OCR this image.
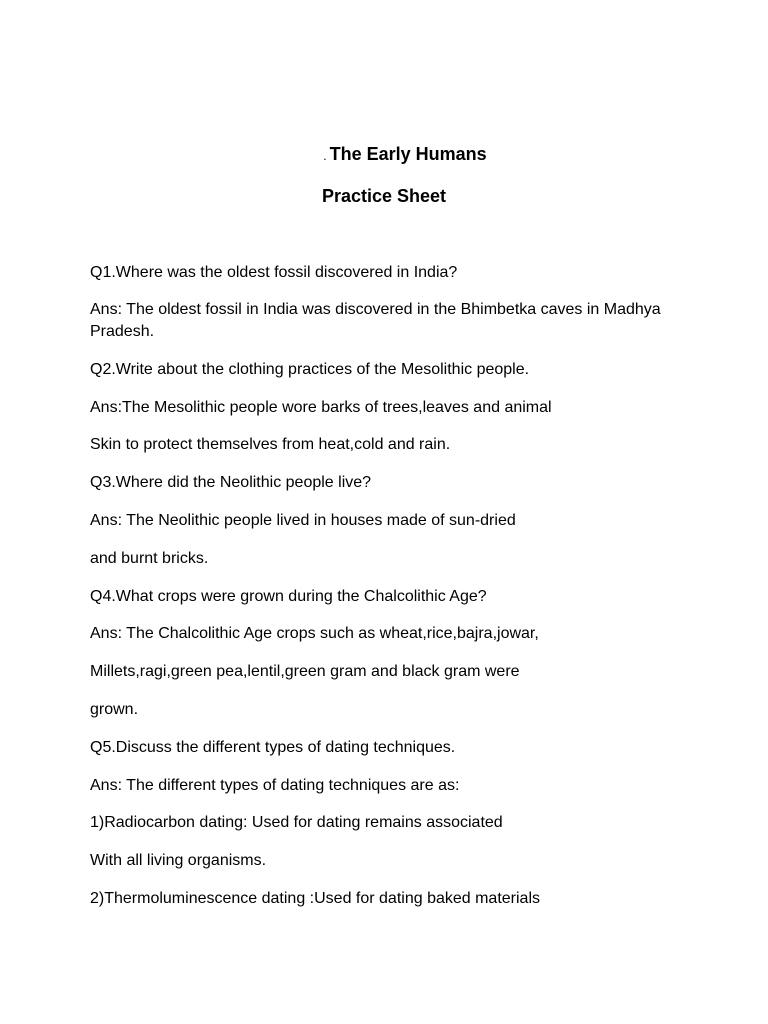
. The Early Humans
Practice Sheet
Q1.Where was the oldest fossil discovered in India?
Ans: The oldest fossil in India was discovered in the Bhimbetka caves in Madhya
Pradesh.
Q2.Write about the clothing practices of the Mesolithic people.
Ans:The Mesolithic people wore barks of trees,leaves and animal
Skin to protect themselves from heat,cold and rain.
Q3.Where did the Neolithic people live?
Ans: The Neolithic people lived in houses made of sun-dried
and burnt bricks.
Q4.What crops were grown during the Chalcolithic Age?
Ans: The Chalcolithic Age crops such as wheat,rice,bajra,jowar,
Millets,ragi,green pea,lentil,green gram and black gram were
grown.
Q5.Discuss the different types of dating techniques.
Ans: The different types of dating techniques are as:
1)Radiocarbon dating: Used for dating remains associated
With all living organisms.
2)Thermoluminescence dating :Used for dating baked materials
